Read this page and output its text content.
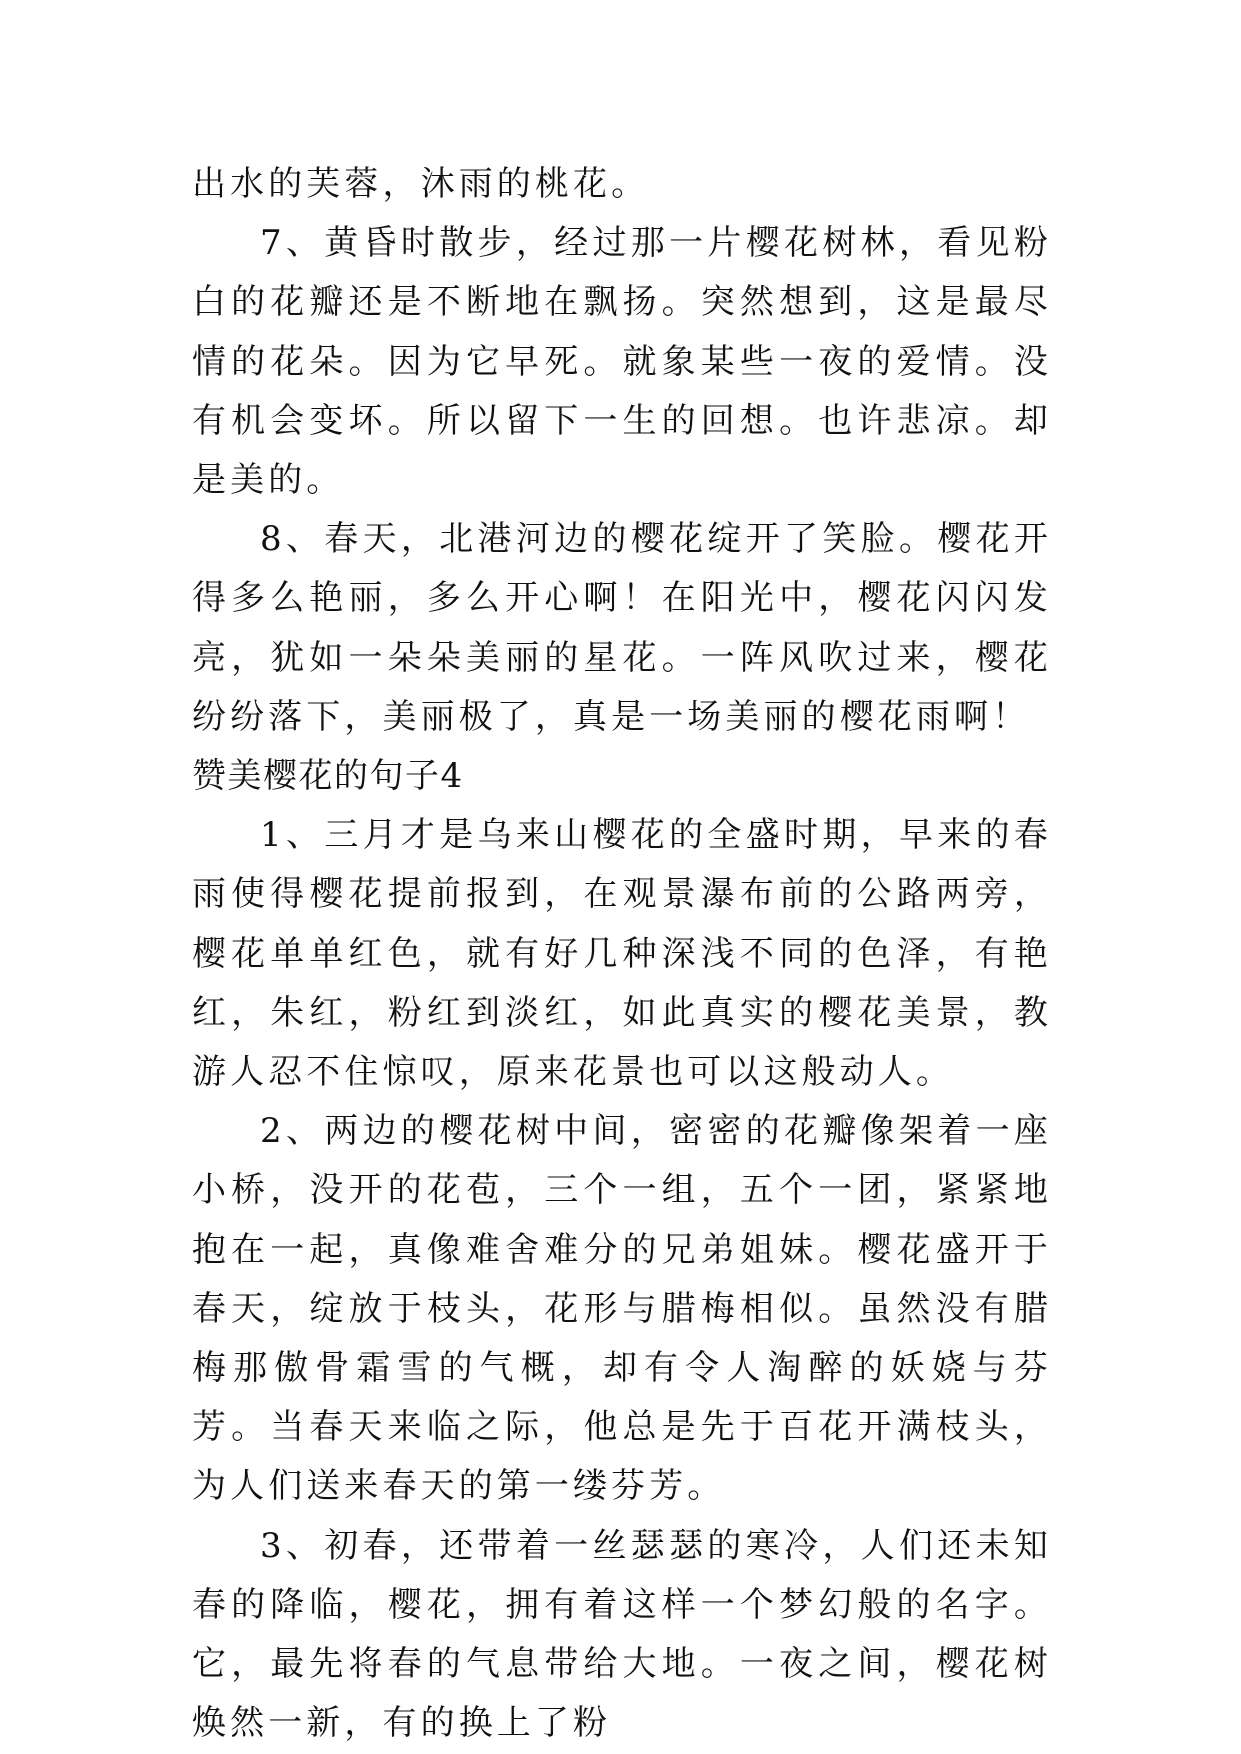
出水的芙蓉，沐雨的桃花。

7、黄昏时散步，经过那一片樱花树林，看见粉白的花瓣还是不断地在飘扬。突然想到，这是最尽情的花朵。因为它早死。就象某些一夜的爱情。没有机会变坏。所以留下一生的回想。也许悲凉。却是美的。

8、春天，北港河边的樱花绽开了笑脸。樱花开得多么艳丽，多么开心啊！在阳光中，樱花闪闪发亮，犹如一朵朵美丽的星花。一阵风吹过来，樱花纷纷落下，美丽极了，真是一场美丽的樱花雨啊！

赞美樱花的句子4

1、三月才是乌来山樱花的全盛时期，早来的春雨使得樱花提前报到，在观景瀑布前的公路两旁，樱花单单红色，就有好几种深浅不同的色泽，有艳红，朱红，粉红到淡红，如此真实的樱花美景，教游人忍不住惊叹，原来花景也可以这般动人。

2、两边的樱花树中间，密密的花瓣像架着一座小桥，没开的花苞，三个一组，五个一团，紧紧地抱在一起，真像难舍难分的兄弟姐妹。樱花盛开于春天，绽放于枝头，花形与腊梅相似。虽然没有腊梅那傲骨霜雪的气概，却有令人淘醉的妖娆与芬芳。当春天来临之际，他总是先于百花开满枝头，为人们送来春天的第一缕芬芳。

3、初春，还带着一丝瑟瑟的寒冷，人们还未知春的降临，樱花，拥有着这样一个梦幻般的名字。它，最先将春的气息带给大地。一夜之间，樱花树焕然一新，有的换上了粉
